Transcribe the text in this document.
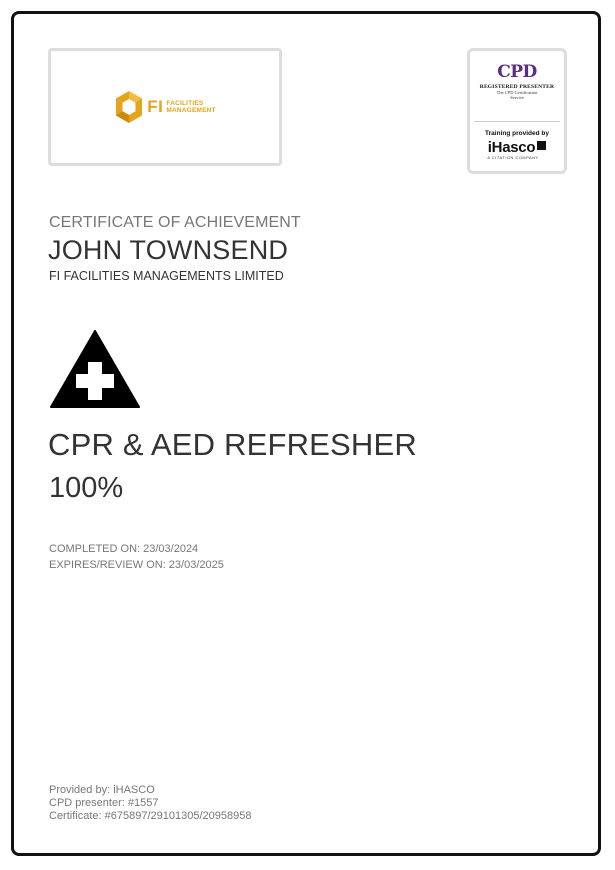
FI FACILITIES
MANAGEMENT
CPD
REGISTERED PRESENTER
The CPD Certification
Service
Training provided by
iHasco
A CITATION COMPANY
CERTIFICATE OF ACHIEVEMENT
JOHN TOWNSEND
FI FACILITIES MANAGEMENTS LIMITED
CPR & AED REFRESHER
100%
COMPLETED ON: 23/03/2024
EXPIRES/REVIEW ON: 23/03/2025
Provided by: iHASCO
CPD presenter: #1557
Certificate: #675897/29101305/20958958
